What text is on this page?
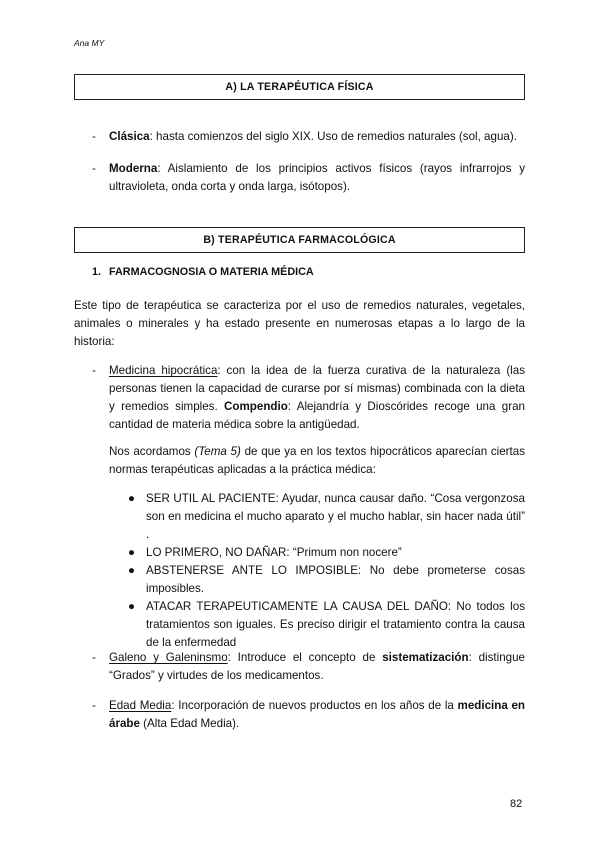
Ana MY
A) LA TERAPÉUTICA FÍSICA
- Clásica: hasta comienzos del siglo XIX. Uso de remedios naturales (sol, agua).
- Moderna: Aislamiento de los principios activos físicos (rayos infrarrojos y ultravioleta, onda corta y onda larga, isótopos).
B) TERAPÉUTICA FARMACOLÓGICA
1. FARMACOGNOSIA O MATERIA MÉDICA
Este tipo de terapéutica se caracteriza por el uso de remedios naturales, vegetales, animales o minerales y ha estado presente en numerosas etapas a lo largo de la historia:
- Medicina hipocrática: con la idea de la fuerza curativa de la naturaleza (las personas tienen la capacidad de curarse por sí mismas) combinada con la dieta y remedios simples. Compendio: Alejandría y Dioscórides recoge una gran cantidad de materia médica sobre la antigüedad.
Nos acordamos (Tema 5) de que ya en los textos hipocráticos aparecían ciertas normas terapéuticas aplicadas a la práctica médica:
● SER UTIL AL PACIENTE: Ayudar, nunca causar daño. “Cosa vergonzosa son en medicina el mucho aparato y el mucho hablar, sin hacer nada útil” .
● LO PRIMERO, NO DAÑAR: “Primum non nocere”
● ABSTENERSE ANTE LO IMPOSIBLE: No debe prometerse cosas imposibles.
● ATACAR TERAPEUTICAMENTE LA CAUSA DEL DAÑO: No todos los tratamientos son iguales. Es preciso dirigir el tratamiento contra la causa de la enfermedad
- Galeno y Galeninsmo: Introduce el concepto de sistematización: distingue “Grados” y virtudes de los medicamentos.
- Edad Media: Incorporación de nuevos productos en los años de la medicina en árabe (Alta Edad Media).
82
